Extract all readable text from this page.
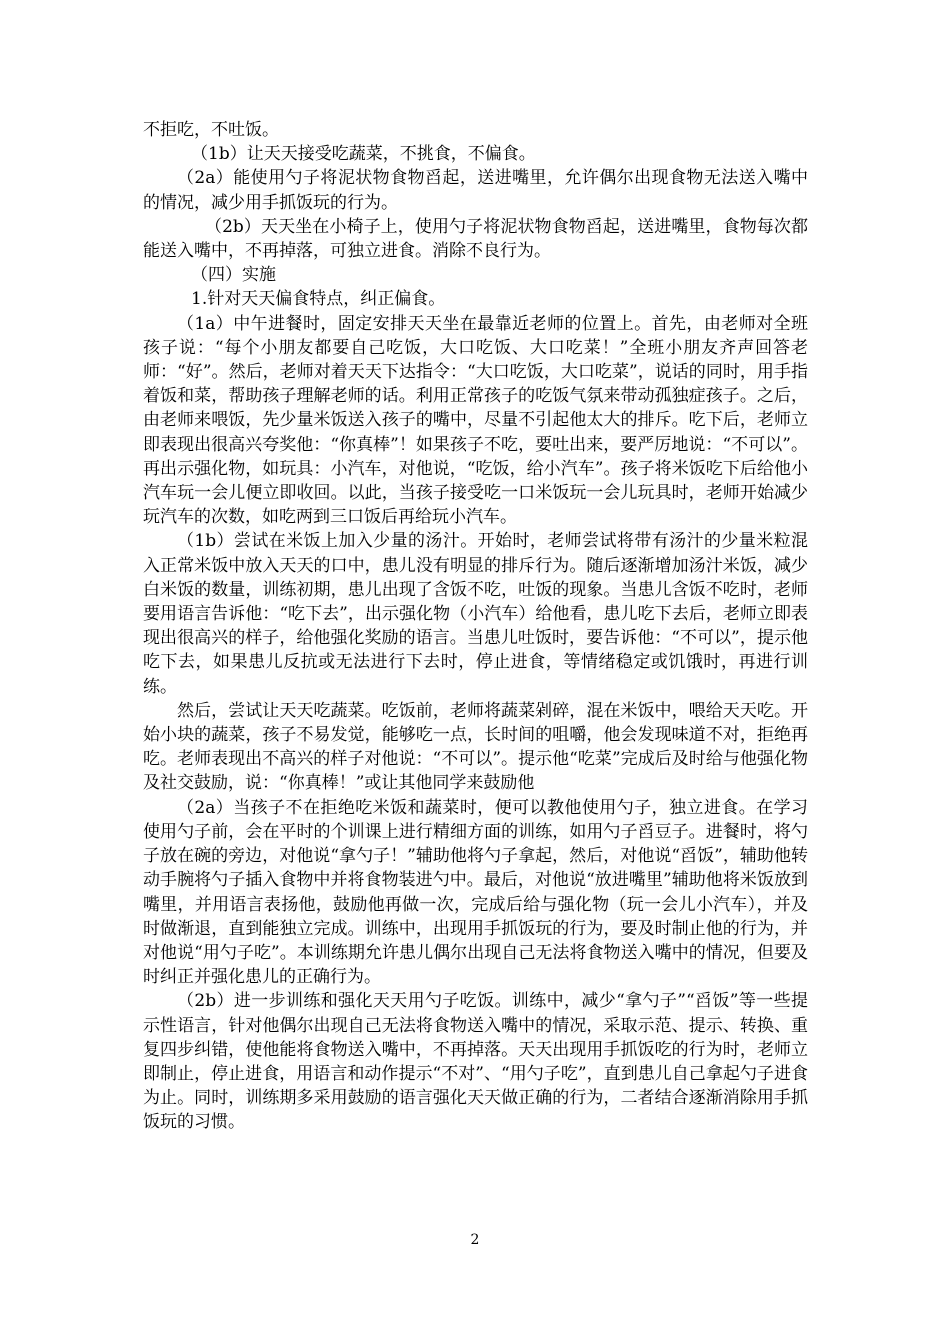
不拒吃，不吐饭。

（1b）让天天接受吃蔬菜，不挑食，不偏食。

（2a）能使用勺子将泥状物食物舀起，送进嘴里，允许偶尔出现食物无法送入嘴中的情况，减少用手抓饭玩的行为。

（2b）天天坐在小椅子上，使用勺子将泥状物食物舀起，送进嘴里，食物每次都能送入嘴中，不再掉落，可独立进食。消除不良行为。

（四）实施

1.针对天天偏食特点，纠正偏食。

（1a）中午进餐时，固定安排天天坐在最靠近老师的位置上。首先，由老师对全班孩子说：“每个小朋友都要自己吃饭，大口吃饭、大口吃菜！”全班小朋友齐声回答老师：“好”。然后，老师对着天天下达指令：“大口吃饭，大口吃菜”，说话的同时，用手指着饭和菜，帮助孩子理解老师的话。利用正常孩子的吃饭气氛来带动孤独症孩子。之后，由老师来喂饭，先少量米饭送入孩子的嘴中，尽量不引起他太大的排斥。吃下后，老师立即表现出很高兴夸奖他：“你真棒”！如果孩子不吃，要吐出来，要严厉地说：“不可以”。再出示强化物，如玩具：小汽车，对他说，“吃饭，给小汽车”。孩子将米饭吃下后给他小汽车玩一会儿便立即收回。以此，当孩子接受吃一口米饭玩一会儿玩具时，老师开始减少玩汽车的次数，如吃两到三口饭后再给玩小汽车。

（1b）尝试在米饭上加入少量的汤汁。开始时，老师尝试将带有汤汁的少量米粒混入正常米饭中放入天天的口中，患儿没有明显的排斥行为。随后逐渐增加汤汁米饭，减少白米饭的数量，训练初期，患儿出现了含饭不吃，吐饭的现象。当患儿含饭不吃时，老师要用语言告诉他：“吃下去”，出示强化物（小汽车）给他看，患儿吃下去后，老师立即表现出很高兴的样子，给他强化奖励的语言。当患儿吐饭时，要告诉他：“不可以”，提示他吃下去，如果患儿反抗或无法进行下去时，停止进食，等情绪稳定或饥饿时，再进行训练。

然后，尝试让天天吃蔬菜。吃饭前，老师将蔬菜剁碎，混在米饭中，喂给天天吃。开始小块的蔬菜，孩子不易发觉，能够吃一点，长时间的咀嚼，他会发现味道不对，拒绝再吃。老师表现出不高兴的样子对他说：“不可以”。提示他“吃菜”完成后及时给与他强化物及社交鼓励，说：“你真棒！”或让其他同学来鼓励他

（2a）当孩子不在拒绝吃米饭和蔬菜时，便可以教他使用勺子，独立进食。在学习使用勺子前，会在平时的个训课上进行精细方面的训练，如用勺子舀豆子。进餐时，将勺子放在碗的旁边，对他说“拿勺子！”辅助他将勺子拿起，然后，对他说“舀饭”，辅助他转动手腕将勺子插入食物中并将食物装进勺中。最后，对他说“放进嘴里”辅助他将米饭放到嘴里，并用语言表扬他，鼓励他再做一次，完成后给与强化物（玩一会儿小汽车），并及时做渐退，直到能独立完成。训练中，出现用手抓饭玩的行为，要及时制止他的行为，并对他说“用勺子吃”。本训练期允许患儿偶尔出现自己无法将食物送入嘴中的情况，但要及时纠正并强化患儿的正确行为。

（2b）进一步训练和强化天天用勺子吃饭。训练中，减少“拿勺子”“舀饭”等一些提示性语言，针对他偶尔出现自己无法将食物送入嘴中的情况，采取示范、提示、转换、重复四步纠错，使他能将食物送入嘴中，不再掉落。天天出现用手抓饭吃的行为时，老师立即制止，停止进食，用语言和动作提示“不对”、“用勺子吃”，直到患儿自己拿起勺子进食为止。同时，训练期多采用鼓励的语言强化天天做正确的行为，二者结合逐渐消除用手抓饭玩的习惯。

2
